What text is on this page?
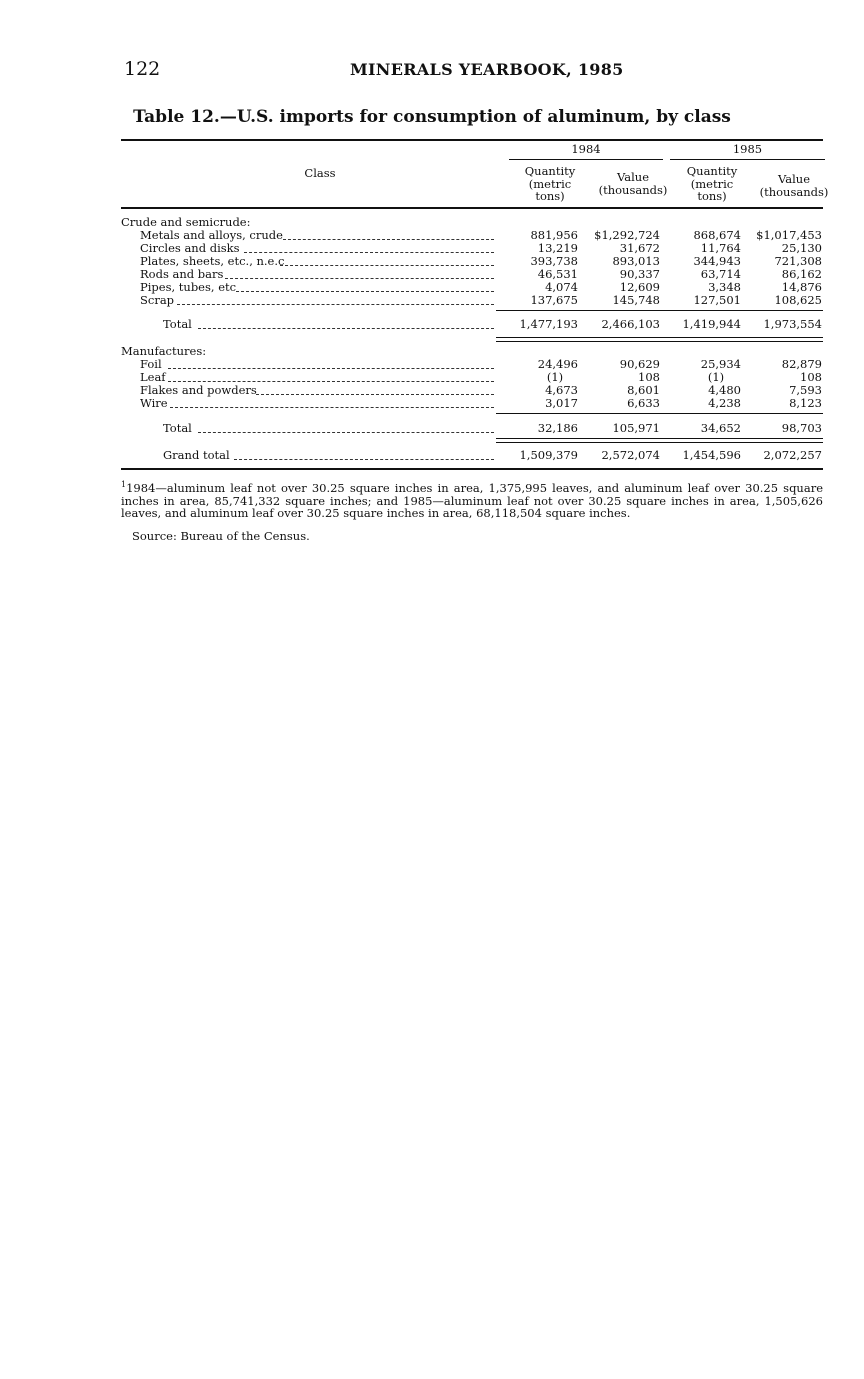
122	MINERALS YEARBOOK, 1985
Table 12.—U.S. imports for consumption of aluminum, by class
Class
1984	1985
Quantity
(metric
tons)
Value
(thousands)
Quantity
(metric
tons)
Value
(thousands)
Crude and semicrude:
Metals and alloys, crude	881,956	$1,292,724	868,674	$1,017,453
Circles and disks	13,219	31,672	11,764	25,130
Plates, sheets, etc., n.e.c	393,738	893,013	344,943	721,308
Rods and bars	46,531	90,337	63,714	86,162
Pipes, tubes, etc	4,074	12,609	3,348	14,876
Scrap	137,675	145,748	127,501	108,625
Total	1,477,193	2,466,103	1,419,944	1,973,554
Manufactures:
Foil	24,496	90,629	25,934	82,879
Leaf	(1)	108	(1)	108
Flakes and powders	4,673	8,601	4,480	7,593
Wire	3,017	6,633	4,238	8,123
Total	32,186	105,971	34,652	98,703
Grand total	1,509,379	2,572,074	1,454,596	2,072,257
$^1$1984—aluminum leaf not over 30.25 square inches in area, 1,375,995 leaves, and aluminum leaf over 30.25 square inches in area, 85,741,332 square inches; and 1985—aluminum leaf not over 30.25 square inches in area, 1,505,626 leaves, and aluminum leaf over 30.25 square inches in area, 68,118,504 square inches.
Source: Bureau of the Census.
